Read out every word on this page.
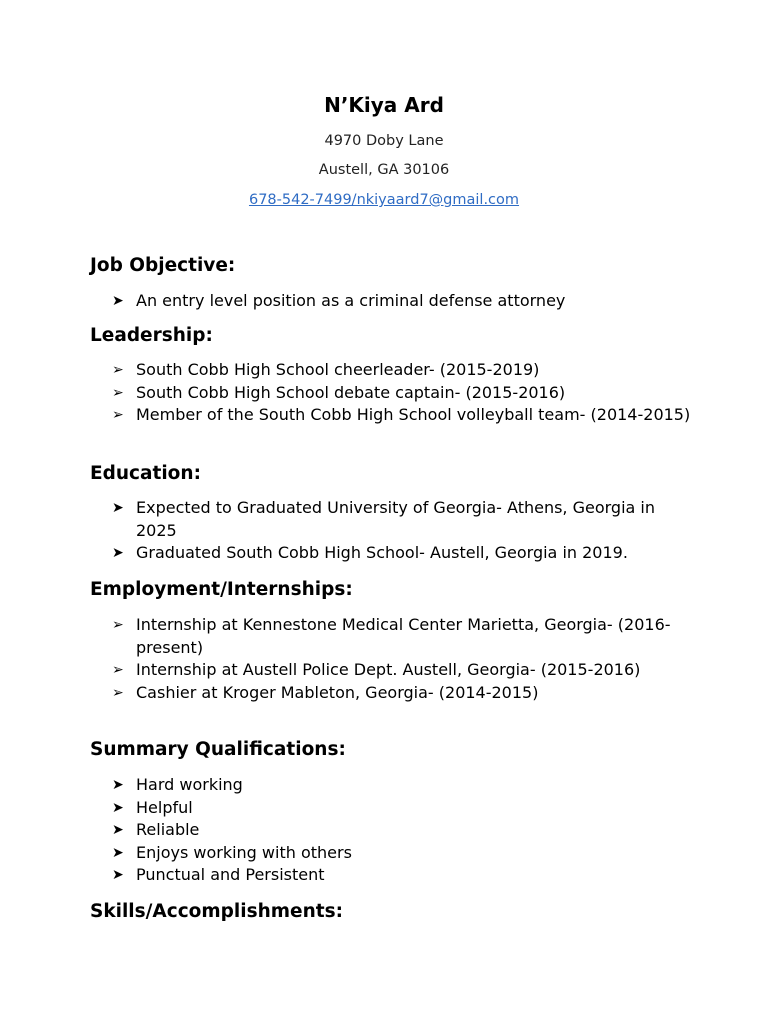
N’Kiya Ard
4970 Doby Lane
Austell, GA 30106
678-542-7499/nkiyaard7@gmail.com
Job Objective:
➤ An entry level position as a criminal defense attorney
Leadership:
➢ South Cobb High School cheerleader- (2015-2019)
➢ South Cobb High School debate captain- (2015-2016)
➢ Member of the South Cobb High School volleyball team- (2014-2015)
Education:
➤ Expected to Graduated University of Georgia- Athens, Georgia in 2025
➤ Graduated South Cobb High School- Austell, Georgia in 2019.
Employment/Internships:
➢ Internship at Kennestone Medical Center Marietta, Georgia- (2016-present)
➢ Internship at Austell Police Dept. Austell, Georgia- (2015-2016)
➢ Cashier at Kroger Mableton, Georgia- (2014-2015)
Summary Qualifications:
➤ Hard working
➤ Helpful
➤ Reliable
➤ Enjoys working with others
➤ Punctual and Persistent
Skills/Accomplishments:
